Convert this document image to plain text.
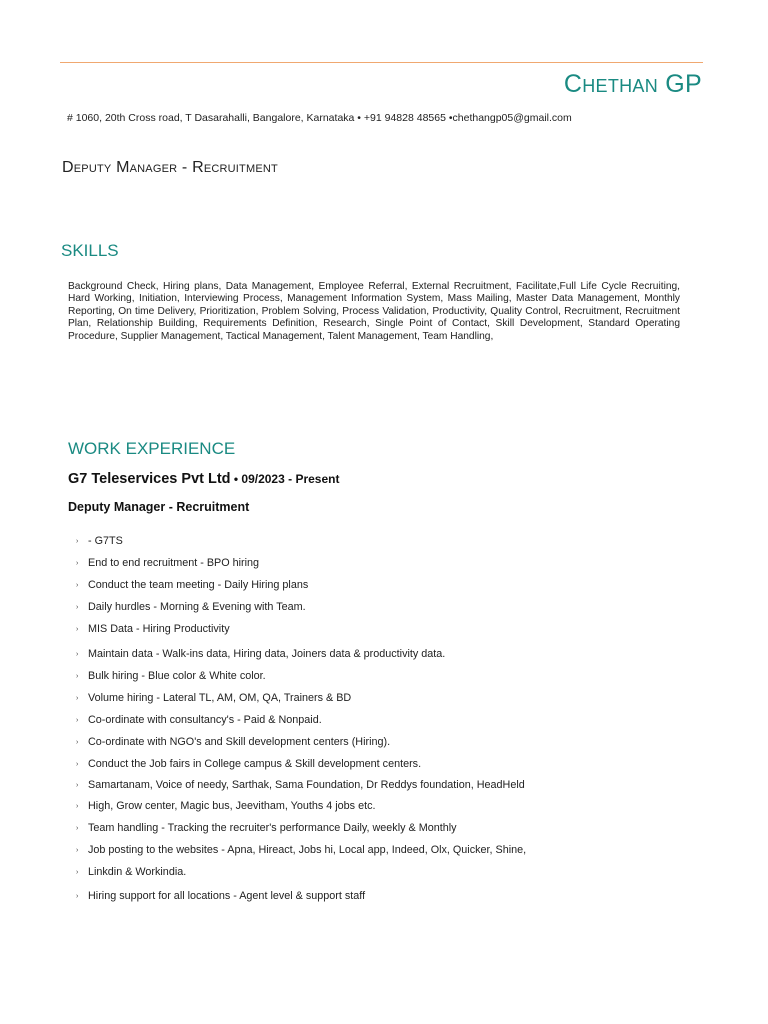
Chethan GP
# 1060, 20th Cross road, T Dasarahalli, Bangalore, Karnataka • +91 94828 48565 •chethangp05@gmail.com
Deputy Manager - Recruitment
SKILLS
Background Check, Hiring plans, Data Management, Employee Referral, External Recruitment, Facilitate,Full Life Cycle Recruiting, Hard Working, Initiation, Interviewing Process, Management Information System, Mass Mailing, Master Data Management, Monthly Reporting, On time Delivery, Prioritization, Problem Solving, Process Validation, Productivity, Quality Control, Recruitment, Recruitment Plan, Relationship Building, Requirements Definition, Research, Single Point of Contact, Skill Development, Standard Operating Procedure, Supplier Management, Tactical Management, Talent Management, Team Handling,
WORK EXPERIENCE
G7 Teleservices Pvt Ltd • 09/2023 - Present
Deputy Manager - Recruitment
› - G7TS
› End to end recruitment - BPO hiring
› Conduct the team meeting - Daily Hiring plans
› Daily hurdles - Morning & Evening with Team.
› MIS Data - Hiring Productivity
› Maintain data - Walk-ins data, Hiring data, Joiners data & productivity data.
› Bulk hiring - Blue color & White color.
› Volume hiring - Lateral TL, AM, OM, QA, Trainers & BD
› Co-ordinate with consultancy's - Paid & Nonpaid.
› Co-ordinate with NGO's and Skill development centers (Hiring).
› Conduct the Job fairs in College campus & Skill development centers.
› Samartanam, Voice of needy, Sarthak, Sama Foundation, Dr Reddys foundation, HeadHeld
› High, Grow center, Magic bus, Jeevitham, Youths 4 jobs etc.
› Team handling - Tracking the recruiter's performance Daily, weekly & Monthly
› Job posting to the websites - Apna, Hireact, Jobs hi, Local app, Indeed, Olx, Quicker, Shine,
› Linkdin & Workindia.
› Hiring support for all locations - Agent level & support staff
